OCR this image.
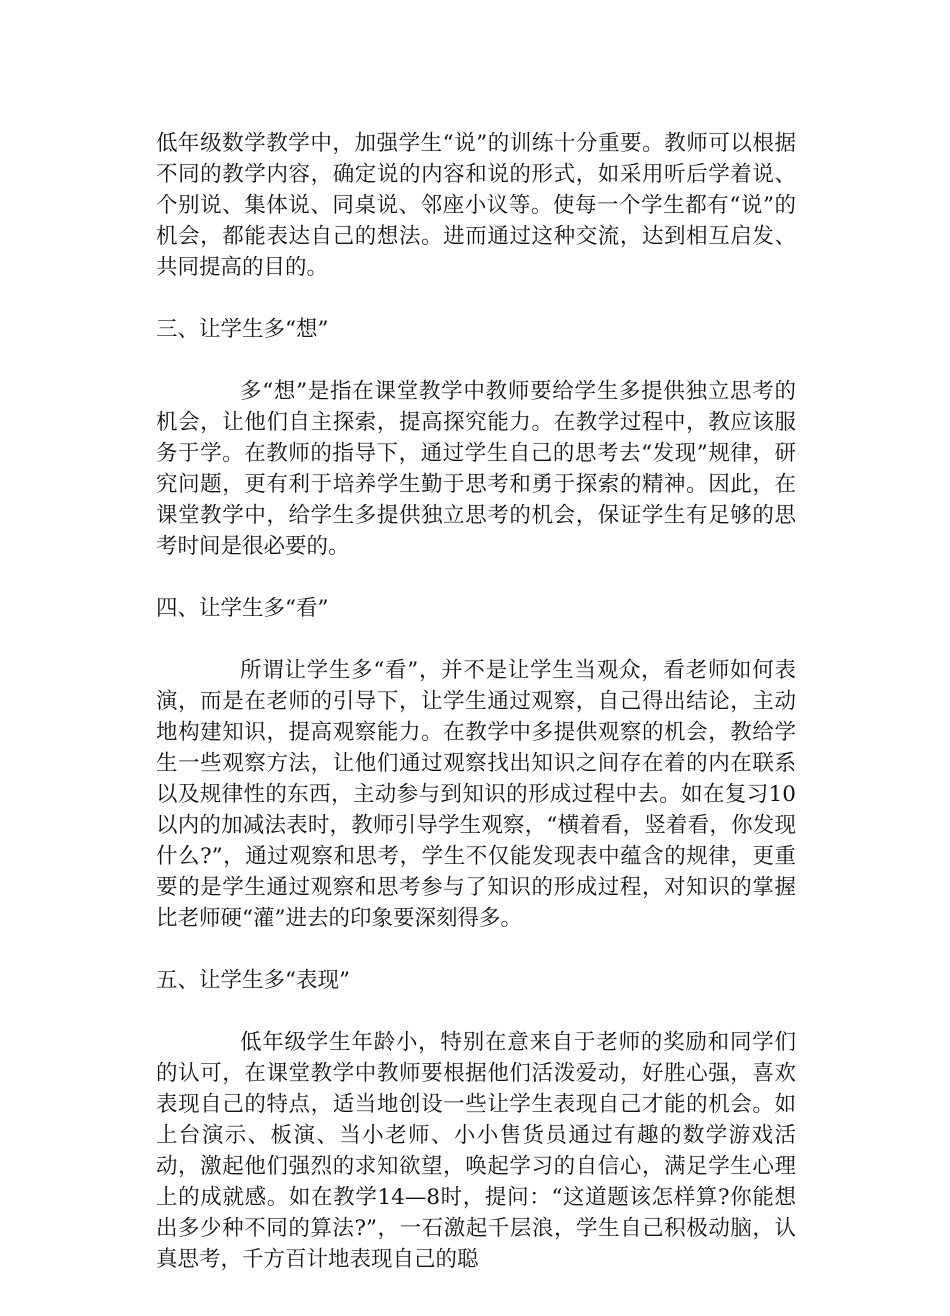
低年级数学教学中，加强学生“说”的训练十分重要。教师可以根据不同的教学内容，确定说的内容和说的形式，如采用听后学着说、个别说、集体说、同桌说、邻座小议等。使每一个学生都有“说”的机会，都能表达自己的想法。进而通过这种交流，达到相互启发、共同提高的目的。

三、让学生多“想”

多“想”是指在课堂教学中教师要给学生多提供独立思考的机会，让他们自主探索，提高探究能力。在教学过程中，教应该服务于学。在教师的指导下，通过学生自己的思考去“发现”规律，研究问题，更有利于培养学生勤于思考和勇于探索的精神。因此，在课堂教学中，给学生多提供独立思考的机会，保证学生有足够的思考时间是很必要的。

四、让学生多“看”

所谓让学生多“看”，并不是让学生当观众，看老师如何表演，而是在老师的引导下，让学生通过观察，自己得出结论，主动地构建知识，提高观察能力。在教学中多提供观察的机会，教给学生一些观察方法，让他们通过观察找出知识之间存在着的内在联系以及规律性的东西，主动参与到知识的形成过程中去。如在复习10以内的加减法表时，教师引导学生观察，“横着看，竖着看，你发现什么?”，通过观察和思考，学生不仅能发现表中蕴含的规律，更重要的是学生通过观察和思考参与了知识的形成过程，对知识的掌握比老师硬“灌”进去的印象要深刻得多。

五、让学生多“表现”

低年级学生年龄小，特别在意来自于老师的奖励和同学们的认可，在课堂教学中教师要根据他们活泼爱动，好胜心强，喜欢表现自己的特点，适当地创设一些让学生表现自己才能的机会。如上台演示、板演、当小老师、小小售货员通过有趣的数学游戏活动，激起他们强烈的求知欲望，唤起学习的自信心，满足学生心理上的成就感。如在教学14—8时，提问：“这道题该怎样算?你能想出多少种不同的算法?”，一石激起千层浪，学生自己积极动脑，认真思考，千方百计地表现自己的聪
